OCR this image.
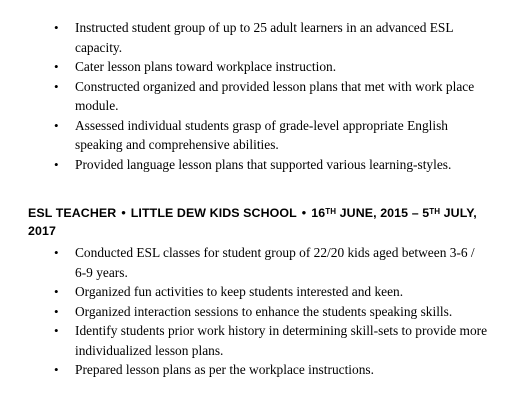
• Instructed student group of up to 25 adult learners in an advanced ESL capacity.
• Cater lesson plans toward workplace instruction.
• Constructed organized and provided lesson plans that met with work place module.
• Assessed individual students grasp of grade-level appropriate English speaking and comprehensive abilities.
• Provided language lesson plans that supported various learning-styles.
ESL TEACHER • LITTLE DEW KIDS SCHOOL • 16TH JUNE, 2015 – 5TH JULY, 2017
• Conducted ESL classes for student group of 22/20 kids aged between 3-6 / 6-9 years.
• Organized fun activities to keep students interested and keen.
• Organized interaction sessions to enhance the students speaking skills.
• Identify students prior work history in determining skill-sets to provide more individualized lesson plans.
• Prepared lesson plans as per the workplace instructions.
